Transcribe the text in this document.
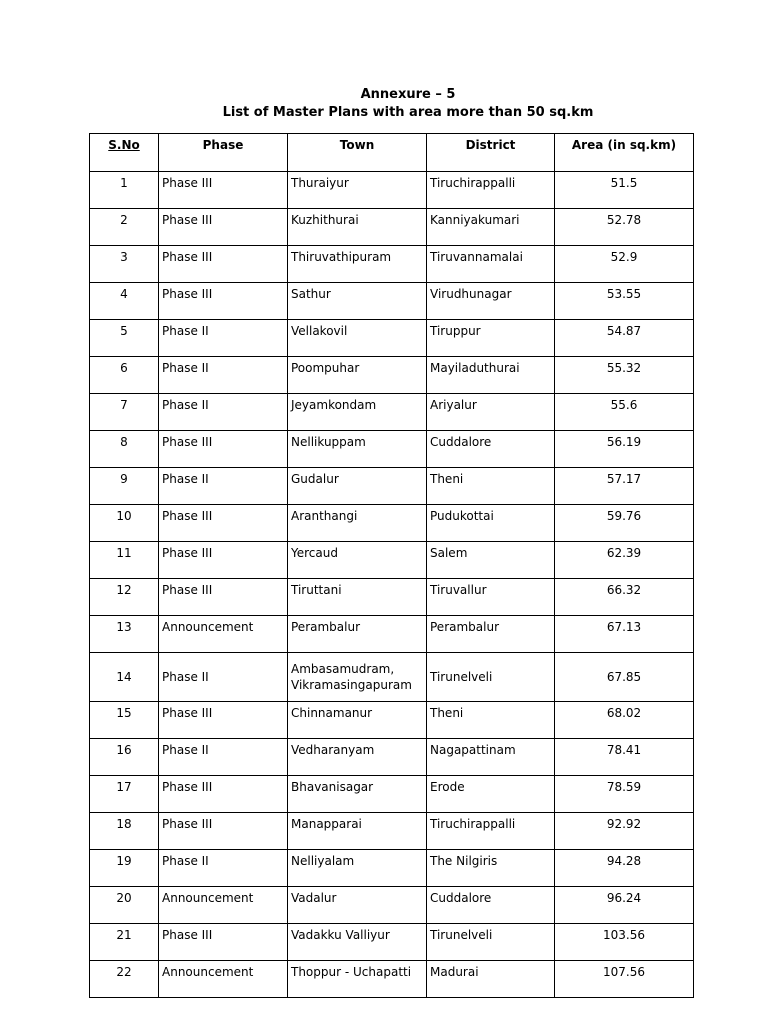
Annexure – 5
List of Master Plans with area more than 50 sq.km
S.No	Phase	Town	District	Area (in sq.km)
1	Phase III	Thuraiyur	Tiruchirappalli	51.5
2	Phase III	Kuzhithurai	Kanniyakumari	52.78
3	Phase III	Thiruvathipuram	Tiruvannamalai	52.9
4	Phase III	Sathur	Virudhunagar	53.55
5	Phase II	Vellakovil	Tiruppur	54.87
6	Phase II	Poompuhar	Mayiladuthurai	55.32
7	Phase II	Jeyamkondam	Ariyalur	55.6
8	Phase III	Nellikuppam	Cuddalore	56.19
9	Phase II	Gudalur	Theni	57.17
10	Phase III	Aranthangi	Pudukottai	59.76
11	Phase III	Yercaud	Salem	62.39
12	Phase III	Tiruttani	Tiruvallur	66.32
13	Announcement	Perambalur	Perambalur	67.13
14	Phase II	Ambasamudram,
Vikramasingapuram	Tirunelveli	67.85
15	Phase III	Chinnamanur	Theni	68.02
16	Phase II	Vedharanyam	Nagapattinam	78.41
17	Phase III	Bhavanisagar	Erode	78.59
18	Phase III	Manapparai	Tiruchirappalli	92.92
19	Phase II	Nelliyalam	The Nilgiris	94.28
20	Announcement	Vadalur	Cuddalore	96.24
21	Phase III	Vadakku Valliyur	Tirunelveli	103.56
22	Announcement	Thoppur - Uchapatti	Madurai	107.56
